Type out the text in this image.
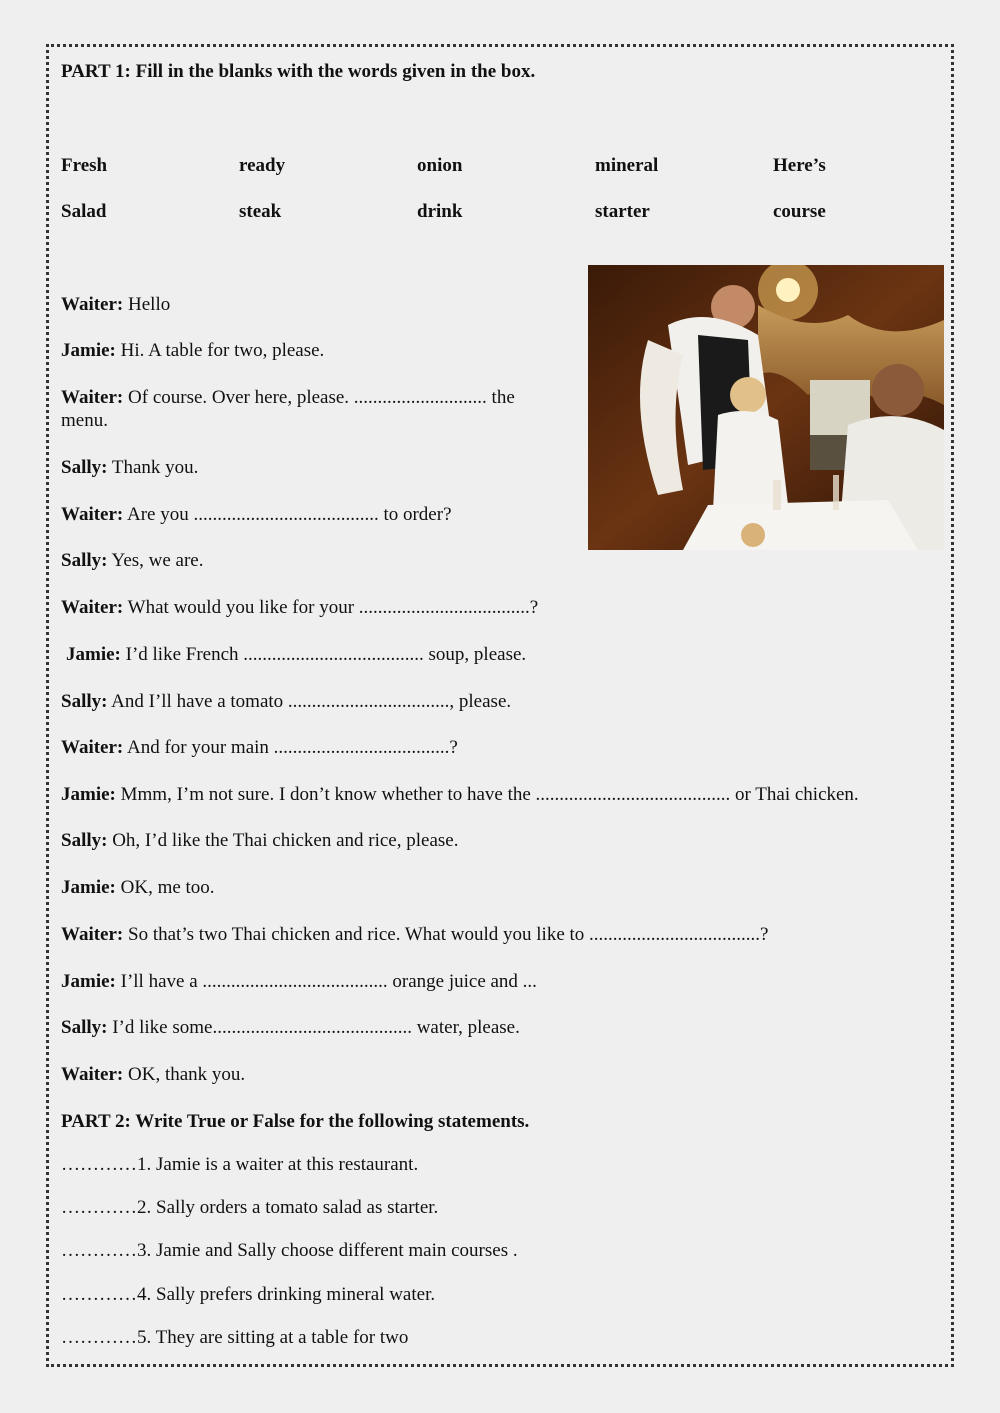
PART 1: Fill in the blanks with the words given in the box.
Fresh	ready	onion	mineral	Here’s
Salad	steak	drink	starter	course
Waiter: Hello
Jamie: Hi. A table for two, please.
Waiter: Of course. Over here, please. ............................ the
menu.
Sally: Thank you.
Waiter: Are you ....................................... to order?
Sally: Yes, we are.
Waiter: What would you like for your ....................................?
Jamie: I’d like French ...................................... soup, please.
Sally: And I’ll have a tomato .................................., please.
Waiter: And for your main .....................................?
Jamie: Mmm, I’m not sure. I don’t know whether to have the ......................................... or Thai chicken.
Sally: Oh, I’d like the Thai chicken and rice, please.
Jamie: OK, me too.
Waiter: So that’s two Thai chicken and rice. What would you like to ....................................?
Jamie: I’ll have a ....................................... orange juice and ...
Sally: I’d like some.......................................... water, please.
Waiter: OK, thank you.
PART 2: Write True or False for the following statements.
…………1. Jamie is a waiter at this restaurant.
…………2. Sally orders a tomato salad as starter.
…………3. Jamie and Sally choose different main courses .
…………4. Sally prefers drinking mineral water.
…………5. They are sitting at a table for two
